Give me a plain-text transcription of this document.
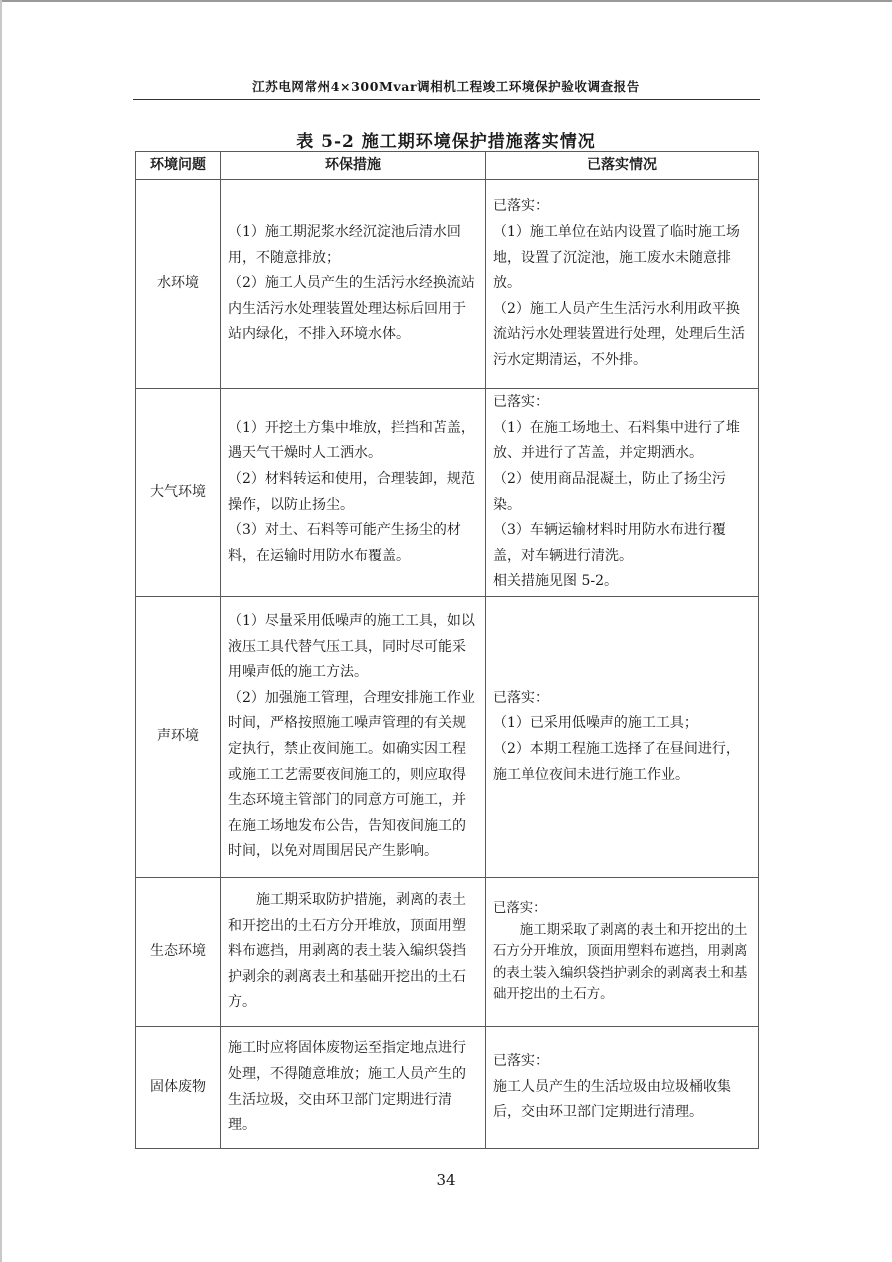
江苏电网常州4×300Mvar调相机工程竣工环境保护验收调查报告
表 5-2 施工期环境保护措施落实情况
环境问题	环保措施	已落实情况
水环境	（1）施工期泥浆水经沉淀池后清水回用，不随意排放；
（2）施工人员产生的生活污水经换流站内生活污水处理装置处理达标后回用于站内绿化，不排入环境水体。	已落实：
（1）施工单位在站内设置了临时施工场地，设置了沉淀池，施工废水未随意排放。
（2）施工人员产生生活污水利用政平换流站污水处理装置进行处理，处理后生活污水定期清运，不外排。

大气环境	（1）开挖土方集中堆放，拦挡和苫盖，遇天气干燥时人工洒水。
（2）材料转运和使用，合理装卸，规范操作，以防止扬尘。
（3）对土、石料等可能产生扬尘的材料，在运输时用防水布覆盖。	已落实：
（1）在施工场地土、石料集中进行了堆放、并进行了苫盖，并定期洒水。
（2）使用商品混凝土，防止了扬尘污染。
（3）车辆运输材料时用防水布进行覆盖，对车辆进行清洗。
相关措施见图 5-2。

声环境	（1）尽量采用低噪声的施工工具，如以液压工具代替气压工具，同时尽可能采用噪声低的施工方法。
（2）加强施工管理，合理安排施工作业时间，严格按照施工噪声管理的有关规定执行，禁止夜间施工。如确实因工程或施工工艺需要夜间施工的，则应取得生态环境主管部门的同意方可施工，并在施工场地发布公告，告知夜间施工的时间，以免对周围居民产生影响。	已落实：
（1）已采用低噪声的施工工具；
（2）本期工程施工选择了在昼间进行，施工单位夜间未进行施工作业。

生态环境	施工期采取防护措施，剥离的表土和开挖出的土石方分开堆放，顶面用塑料布遮挡，用剥离的表土装入编织袋挡护剥余的剥离表土和基础开挖出的土石方。	已落实：
施工期采取了剥离的表土和开挖出的土石方分开堆放，顶面用塑料布遮挡，用剥离的表土装入编织袋挡护剥余的剥离表土和基础开挖出的土石方。

固体废物	施工时应将固体废物运至指定地点进行处理，不得随意堆放；施工人员产生的生活垃圾，交由环卫部门定期进行清理。	已落实：
施工人员产生的生活垃圾由垃圾桶收集后，交由环卫部门定期进行清理。
34
